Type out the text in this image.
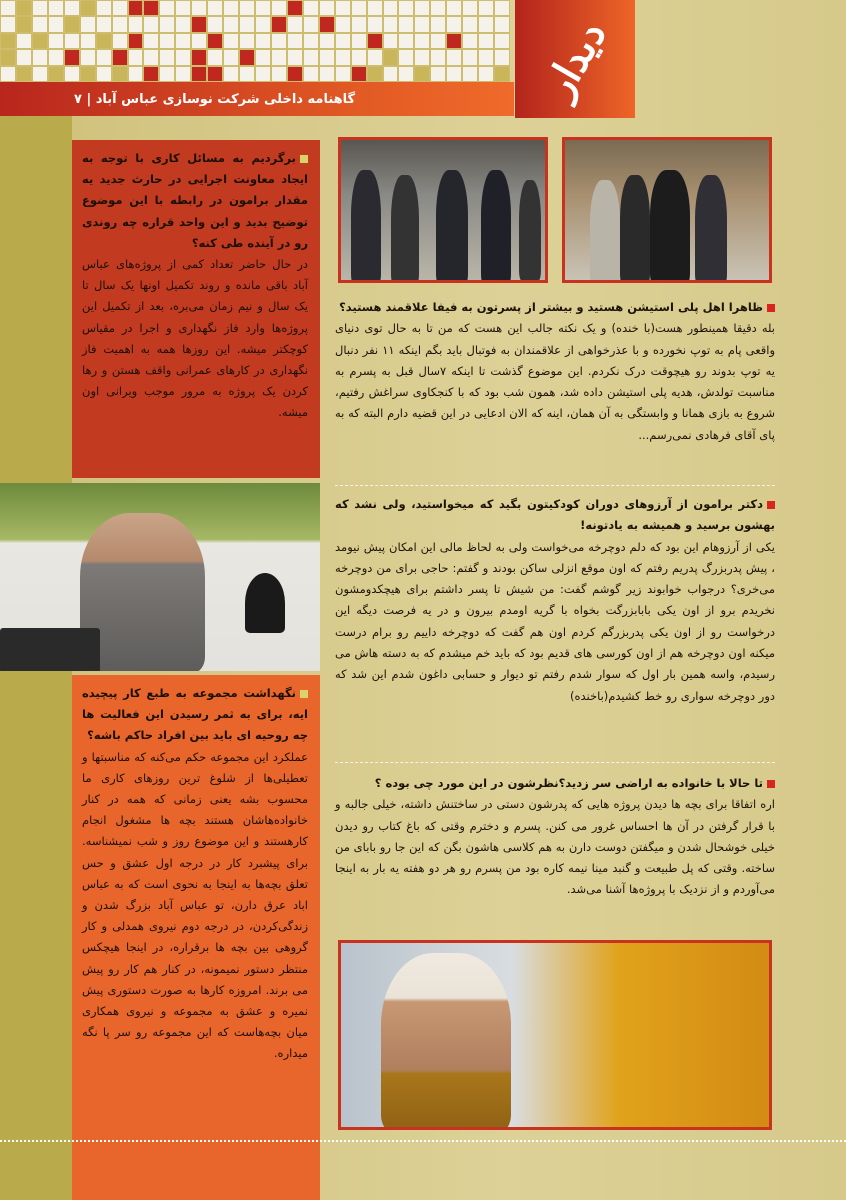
گاهنامه داخلی شرکت نوسازی عباس آباد | ۷	دیدار

برگردیم به مسائل کاری با توجه به ایجاد معاونت اجرایی در حارث جدید یه مقدار برامون در رابطه با این موضوع توضیح بدید و این واحد قراره چه روندی رو در آینده طی کنه؟

در حال حاضر تعداد کمی از پروژه‌های عباس آباد باقی مانده و روند تکمیل اونها یک سال تا یک سال و نیم زمان می‌بره، بعد از تکمیل این پروژه‌ها وارد فاز نگهداری و اجرا در مقیاس کوچکتر میشه. این روزها همه به اهمیت فاز نگهداری در کارهای عمرانی واقف هستن و رها کردن یک پروژه به مرور موجب ویرانی اون میشه.

نگهداشت مجموعه به طبع کار پیچیده ایه، برای به ثمر رسیدن این فعالیت ها چه روحیه ای باید بین افراد حاکم باشه؟

عملکرد این مجموعه حکم می‌کنه که مناسبتها و تعطیلی‌ها از شلوغ ترین روزهای کاری ما محسوب بشه یعنی زمانی که همه در کنار خانواده‌هاشان هستند بچه ها مشغول انجام کارهستند و این موضوع روز و شب نمیشناسه. برای پیشبرد کار در درجه اول عشق و حس تعلق بچه‌ها به اینجا به نحوی است که به عباس اباد عرق دارن، تو عباس آباد بزرگ شدن و زندگی‌کردن، در درجه دوم نیروی همدلی و کار گروهی بین بچه ها برقراره، در اینجا هیچکس منتظر دستور نمیمونه، در کنار هم کار رو پیش می برند. امروزه کارها به صورت دستوری پیش نمیره و عشق به مجموعه و نیروی همکاری میان بچه‌هاست که این مجموعه رو سر پا نگه میداره.

ظاهرا اهل پلی استیشن هستید و بیشتر از پسرتون به فیفا علاقمند هستید؟

بله دقیقا همینطور هست(با خنده) و یک نکته جالب این هست که من تا به حال توی دنیای واقعی پام به توپ نخورده و با عذرخواهی از علاقمندان به فوتبال باید بگم اینکه ۱۱ نفر دنبال یه توپ بدوند رو هیچوقت درک نکردم. این موضوع گذشت تا اینکه ۷سال قبل به پسرم به مناسبت تولدش، هدیه پلی استیشن داده شد، همون شب بود که با کنجکاوی سراغش رفتیم، شروع به بازی همانا و وابستگی به آن همان، اینه که الان ادعایی در این قضیه دارم البته که به پای آقای فرهادی نمی‌رسم...

دکتر برامون از آرزوهای دوران کودکیتون بگید که میخواستید، ولی نشد که بهشون برسید و همیشه به یادتونه!

یکی از آرزوهام این بود که دلم دوچرخه می‌خواست ولی به لحاظ مالی این امکان پیش نیومد ، پیش پدربزرگ پدریم رفتم که اون موقع انزلی ساکن بودند و گفتم: حاجی برای من دوچرخه می‌خری؟ درجواب خوابوند زیر گوشم گفت: من شیش تا پسر داشتم برای هیچکدومشون نخریدم برو از اون یکی بابابزرگت بخواه با گریه اومدم بیرون و در یه فرصت دیگه این درخواست رو از اون یکی پدربزرگم کردم اون هم گفت که دوچرخه داییم رو برام درست میکنه اون دوچرخه هم از اون کورسی های قدیم بود که باید خم میشدم که به دسته هاش می رسیدم، واسه همین بار اول که سوار شدم رفتم تو دیوار و حسابی داغون شدم این شد که دور دوچرخه سواری رو خط کشیدم(باخنده)

تا حالا با خانواده به اراضی سر زدید؟نظرشون در این مورد چی بوده ؟

اره اتفاقا برای بچه ها دیدن پروژه هایی که پدرشون دستی در ساختنش داشته، خیلی جالبه و با قرار گرفتن در آن ها احساس غرور می کنن. پسرم و دخترم وقتی که باغ کتاب رو دیدن خیلی خوشحال شدن و میگفتن دوست دارن به هم کلاسی هاشون بگن که این جا رو بابای من ساخته. وقتی که پل طبیعت و گنبد مینا نیمه کاره بود من پسرم رو هر دو هفته یه بار به اینجا می‌آوردم و از نزدیک با پروژه‌ها آشنا می‌شد.
